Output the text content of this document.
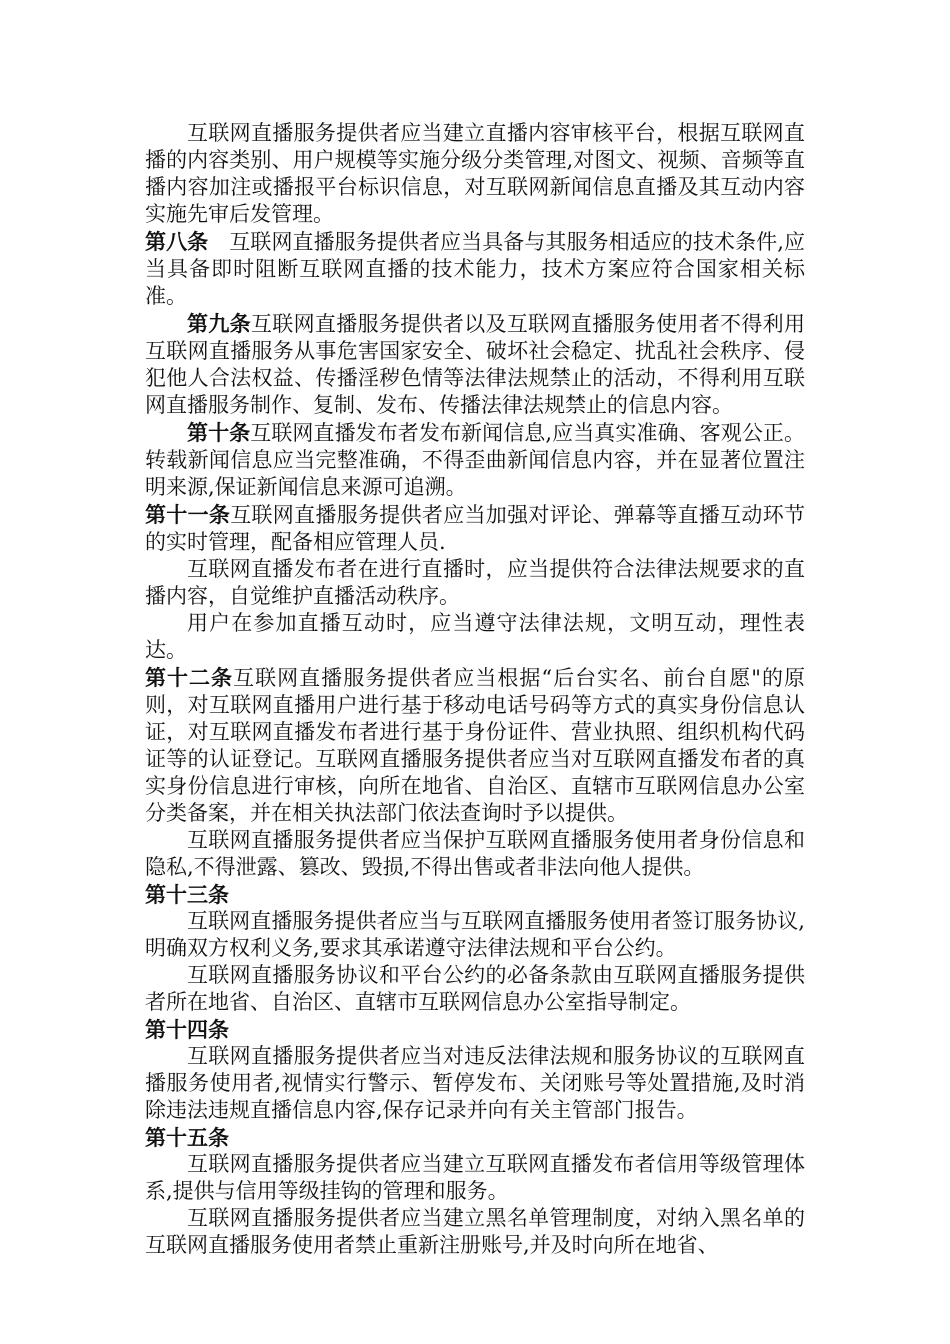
互联网直播服务提供者应当建立直播内容审核平台，根据互联网直播的内容类别、用户规模等实施分级分类管理,对图文、视频、音频等直播内容加注或播报平台标识信息，对互联网新闻信息直播及其互动内容实施先审后发管理。

第八条　互联网直播服务提供者应当具备与其服务相适应的技术条件,应当具备即时阻断互联网直播的技术能力，技术方案应符合国家相关标准。

第九条互联网直播服务提供者以及互联网直播服务使用者不得利用互联网直播服务从事危害国家安全、破坏社会稳定、扰乱社会秩序、侵犯他人合法权益、传播淫秽色情等法律法规禁止的活动，不得利用互联网直播服务制作、复制、发布、传播法律法规禁止的信息内容。

第十条互联网直播发布者发布新闻信息,应当真实准确、客观公正。转载新闻信息应当完整准确，不得歪曲新闻信息内容，并在显著位置注明来源,保证新闻信息来源可追溯。

第十一条互联网直播服务提供者应当加强对评论、弹幕等直播互动环节的实时管理，配备相应管理人员.

互联网直播发布者在进行直播时，应当提供符合法律法规要求的直播内容，自觉维护直播活动秩序。

用户在参加直播互动时，应当遵守法律法规，文明互动，理性表达。

第十二条互联网直播服务提供者应当根据“后台实名、前台自愿"的原则，对互联网直播用户进行基于移动电话号码等方式的真实身份信息认证，对互联网直播发布者进行基于身份证件、营业执照、组织机构代码证等的认证登记。互联网直播服务提供者应当对互联网直播发布者的真实身份信息进行审核，向所在地省、自治区、直辖市互联网信息办公室分类备案，并在相关执法部门依法查询时予以提供。

互联网直播服务提供者应当保护互联网直播服务使用者身份信息和隐私,不得泄露、篡改、毁损,不得出售或者非法向他人提供。

第十三条

互联网直播服务提供者应当与互联网直播服务使用者签订服务协议,明确双方权利义务,要求其承诺遵守法律法规和平台公约。

互联网直播服务协议和平台公约的必备条款由互联网直播服务提供者所在地省、自治区、直辖市互联网信息办公室指导制定。

第十四条

互联网直播服务提供者应当对违反法律法规和服务协议的互联网直播服务使用者,视情实行警示、暂停发布、关闭账号等处置措施,及时消除违法违规直播信息内容,保存记录并向有关主管部门报告。

第十五条

互联网直播服务提供者应当建立互联网直播发布者信用等级管理体系,提供与信用等级挂钩的管理和服务。

互联网直播服务提供者应当建立黑名单管理制度，对纳入黑名单的互联网直播服务使用者禁止重新注册账号,并及时向所在地省、
